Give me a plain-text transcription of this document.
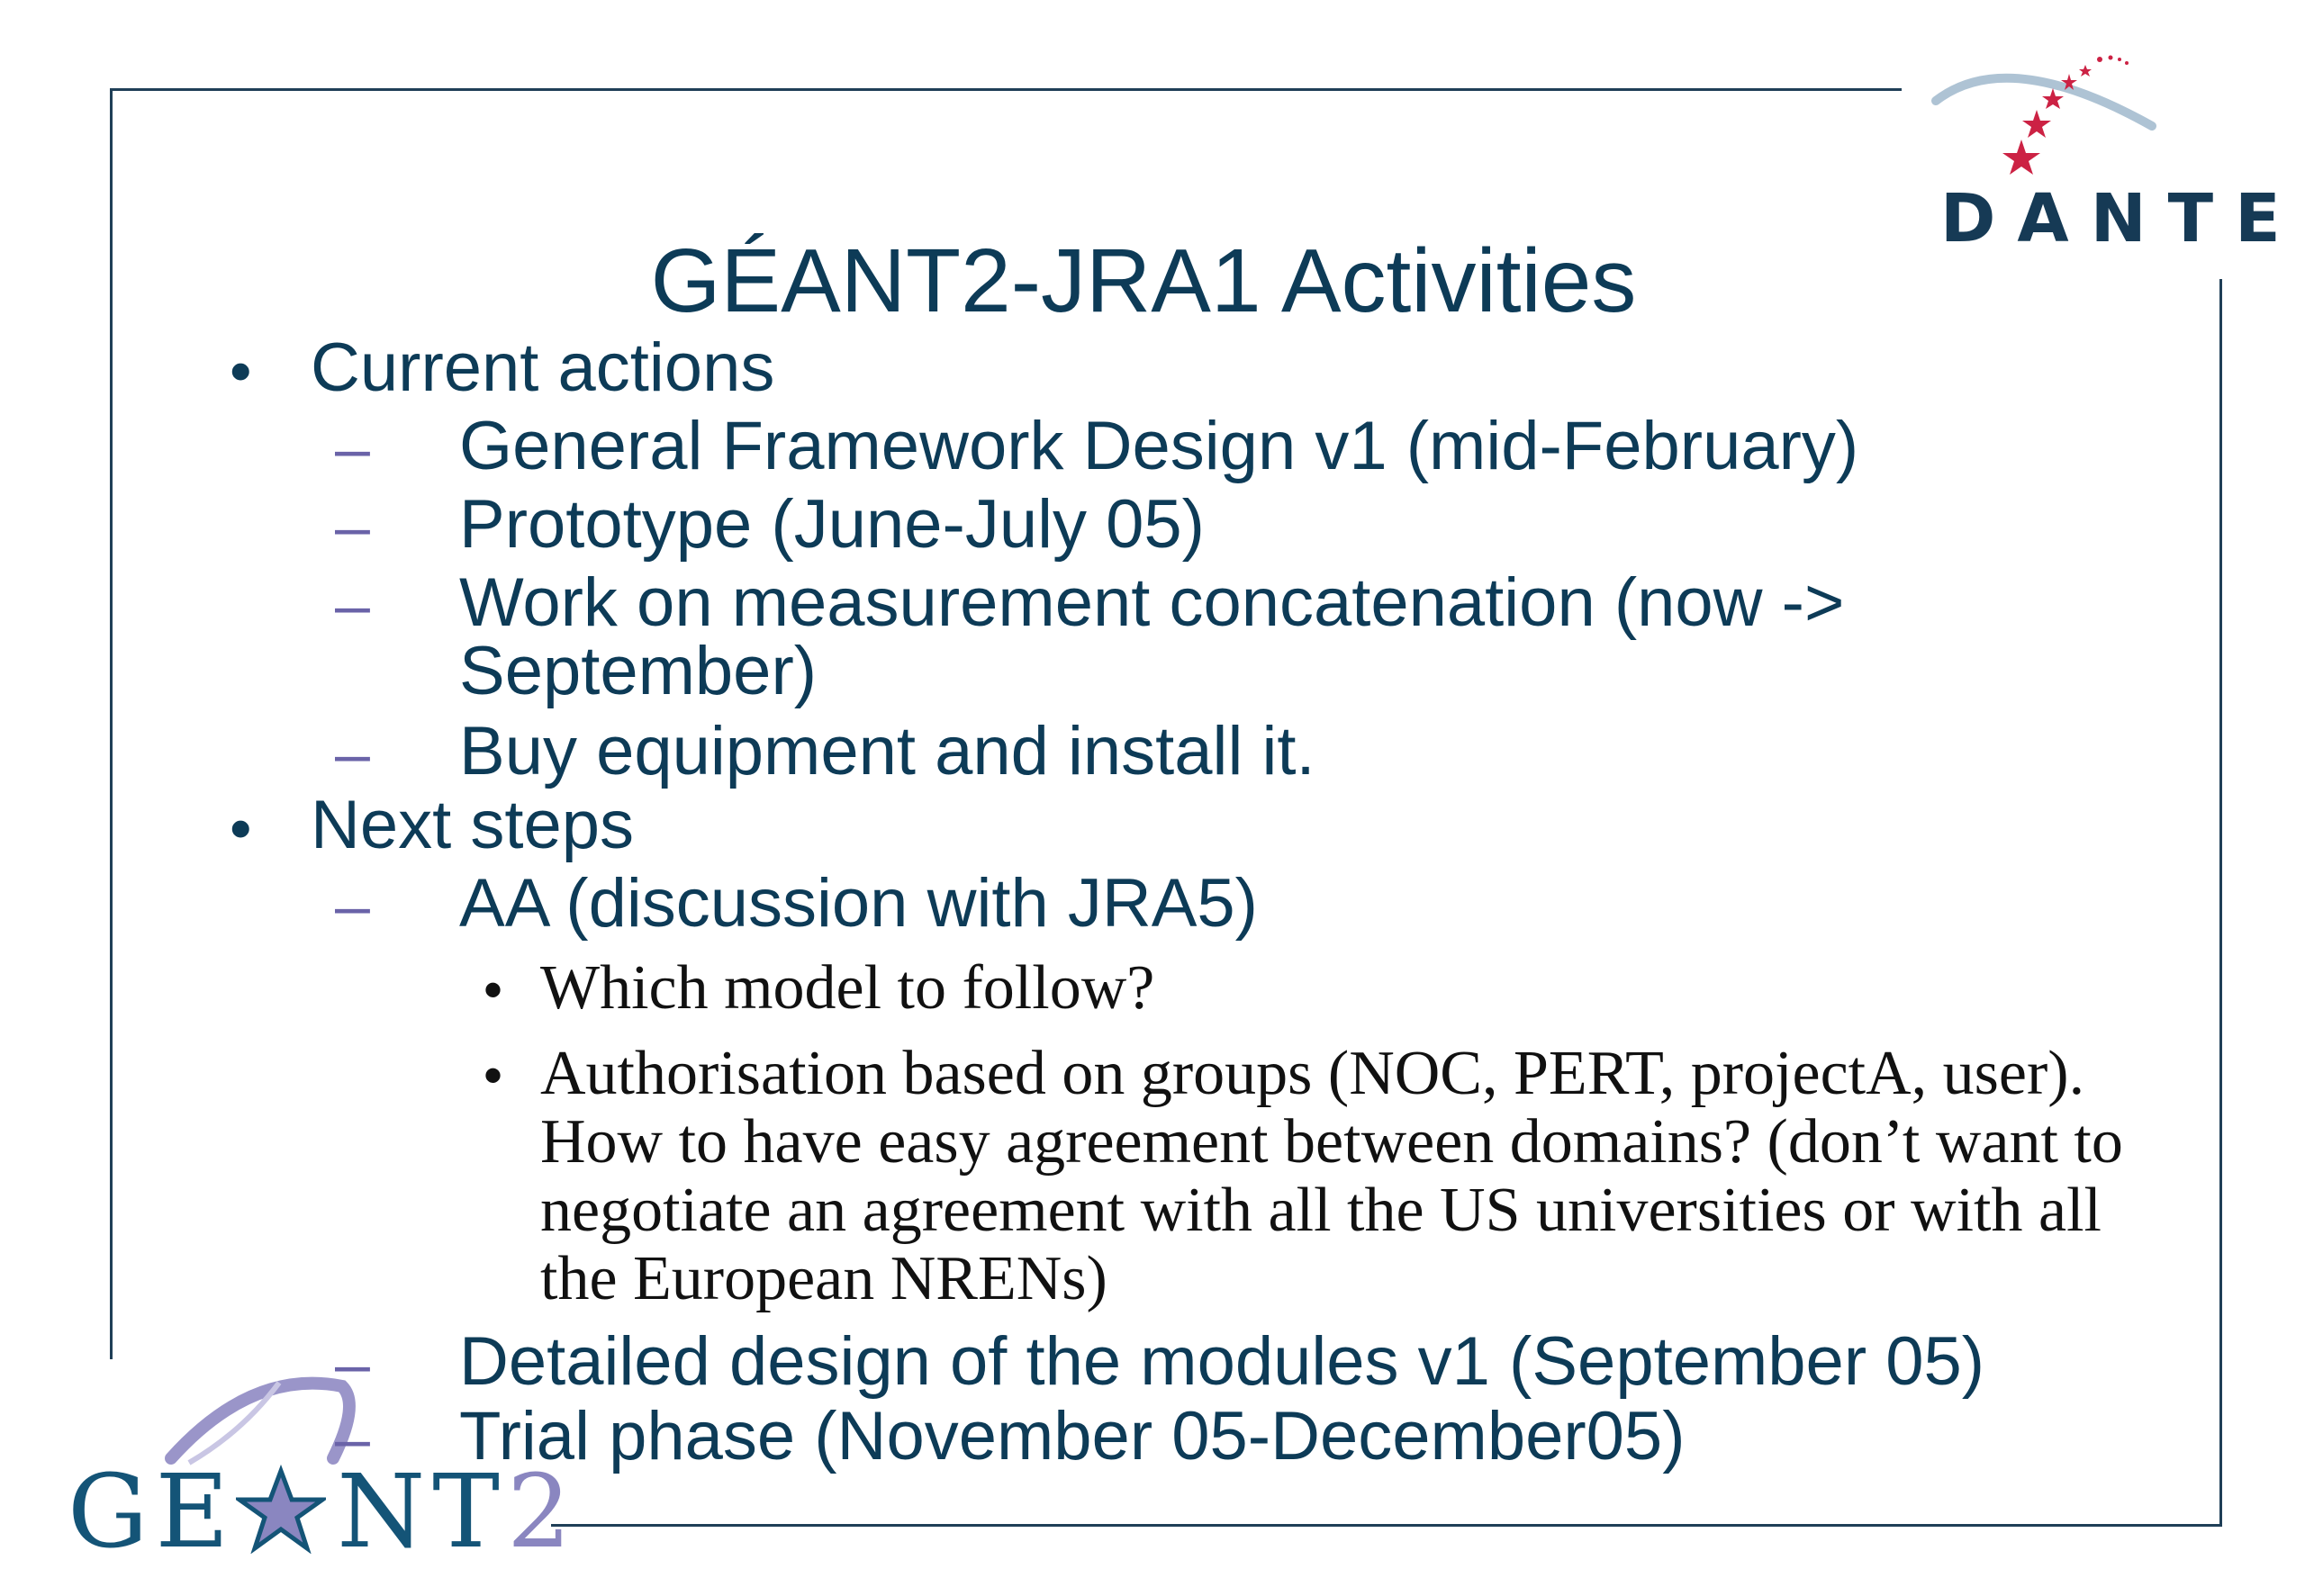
DANTE
GE NT2
GÉANT2-JRA1 Activities
• Current actions
– General Framework Design v1 (mid-February)
– Prototype (June-July 05)
– Work on measurement concatenation (now ->
September)
– Buy equipment and install it.
• Next steps
– AA (discussion with JRA5)
• Which model to follow?
• Authorisation based on groups (NOC, PERT, projectA, user). How to have easy agreement between domains? (don’t want to negotiate an agreement with all the US universities or with all the European NRENs)
– Detailed design of the modules v1 (September 05)
– Trial phase (November 05-December05)
